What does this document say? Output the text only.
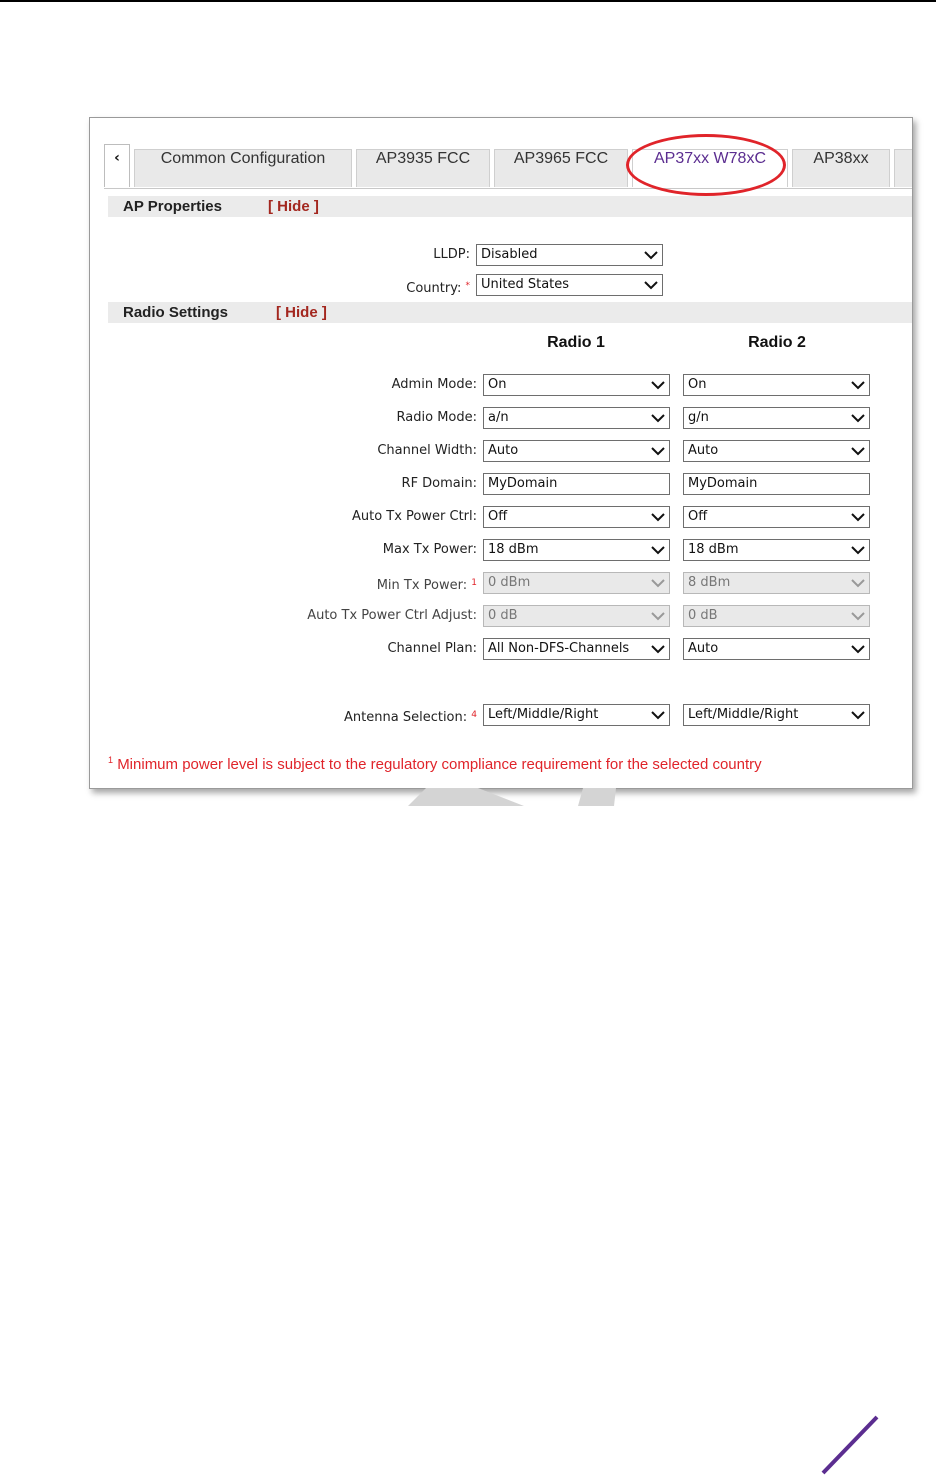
‹	Common Configuration	AP3935 FCC	AP3965 FCC	AP37xx W78xC	AP38xx
AP Properties	[ Hide ]
LLDP: Disabled
Country: * United States
Radio Settings	[ Hide ]
Radio 1	Radio 2
Admin Mode: On	On
Radio Mode: a/n	g/n
Channel Width: Auto	Auto
RF Domain: MyDomain	MyDomain
Auto Tx Power Ctrl: Off	Off
Max Tx Power: 18 dBm	18 dBm
Min Tx Power: $^1$ 0 dBm	8 dBm
Auto Tx Power Ctrl Adjust: 0 dB	0 dB
Channel Plan: All Non-DFS-Channels	Auto
Antenna Selection: $^4$ Left/Middle/Right	Left/Middle/Right
$^1$ Minimum power level is subject to the regulatory compliance requirement for the selected country
